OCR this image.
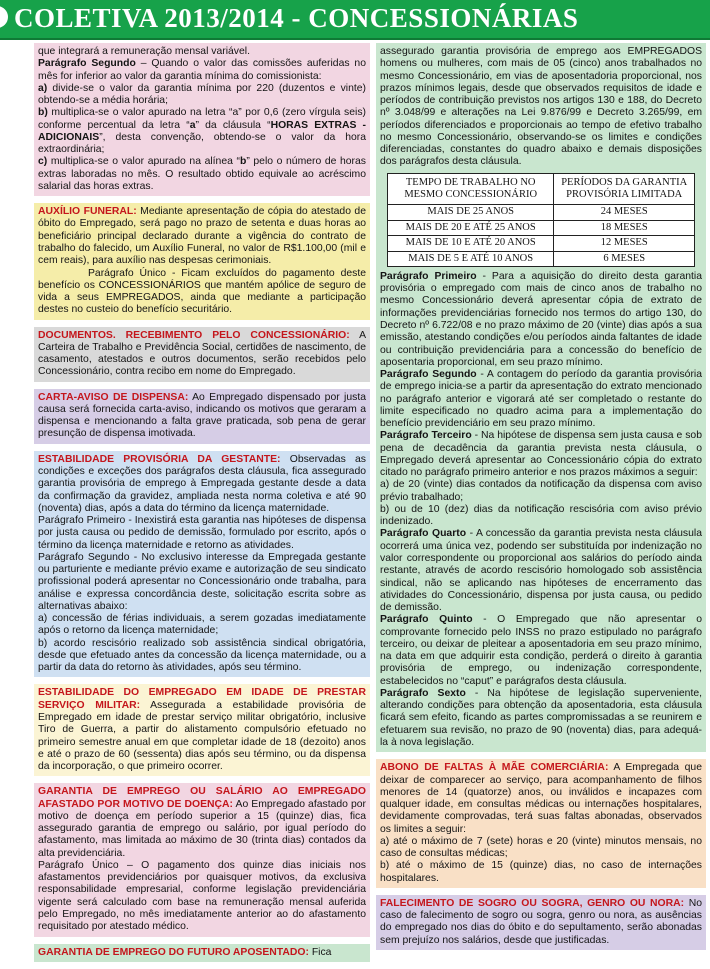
COLETIVA 2013/2014 - CONCESSIONÁRIAS

que integrará a remuneração mensal variável.

Parágrafo Segundo – Quando o valor das comissões auferidas no mês for inferior ao valor da garantia mínima do comissionista:

a) divide-se o valor da garantia mínima por 220 (duzentos e vinte) obtendo-se a média horária;

b) multiplica-se o valor apurado na letra “a” por 0,6 (zero vírgula seis) conforme percentual da letra “a” da cláusula “HORAS EXTRAS - ADICIONAIS”, desta convenção, obtendo-se o valor da hora extraordinária;

c) multiplica-se o valor apurado na alínea “b” pelo o número de horas extras laboradas no mês. O resultado obtido equivale ao acréscimo salarial das horas extras.

AUXÍLIO FUNERAL: Mediante apresentação de cópia do atestado de óbito do Empregado, será pago no prazo de setenta e duas horas ao beneficiário principal declarado durante a vigência do contrato de trabalho do falecido, um Auxílio Funeral, no valor de R$1.100,00 (mil e cem reais), para auxílio nas despesas cerimoniais.

Parágrafo Único - Ficam excluídos do pagamento deste benefício os CONCESSIONÁRIOS que mantém apólice de seguro de vida a seus EMPREGADOS, ainda que mediante a participação destes no custeio do benefício securitário.

DOCUMENTOS. RECEBIMENTO PELO CONCESSIONÁRIO: A Carteira de Trabalho e Previdência Social, certidões de nascimento, de casamento, atestados e outros documentos, serão recebidos pelo Concessionário, contra recibo em nome do Empregado.

CARTA-AVISO DE DISPENSA: Ao Empregado dispensado por justa causa será fornecida carta-aviso, indicando os motivos que geraram a dispensa e mencionando a falta grave praticada, sob pena de gerar presunção de dispensa imotivada.

ESTABILIDADE PROVISÓRIA DA GESTANTE: Observadas as condições e exceções dos parágrafos desta cláusula, fica assegurado garantia provisória de emprego à Empregada gestante desde a data da confirmação da gravidez, ampliada nesta norma coletiva e até 90 (noventa) dias, após a data do término da licença maternidade.

Parágrafo Primeiro - Inexistirá esta garantia nas hipóteses de dispensa por justa causa ou pedido de demissão, formulado por escrito, após o término da licença maternidade e retorno as atividades.

Parágrafo Segundo - No exclusivo interesse da Empregada gestante ou parturiente e mediante prévio exame e autorização de seu sindicato profissional poderá apresentar no Concessionário onde trabalha, para análise e expressa concordância deste, solicitação escrita sobre as alternativas abaixo:

a) concessão de férias individuais, a serem gozadas imediatamente após o retorno da licença maternidade;

b) acordo rescisório realizado sob assistência sindical obrigatória, desde que efetuado antes da concessão da licença maternidade, ou a partir da data do retorno às atividades, após seu término.

ESTABILIDADE DO EMPREGADO EM IDADE DE PRESTAR SERVIÇO MILITAR: Assegurada a estabilidade provisória de Empregado em idade de prestar serviço militar obrigatório, inclusive Tiro de Guerra, a partir do alistamento compulsório efetuado no primeiro semestre anual em que completar idade de 18 (dezoito) anos e até o prazo de 60 (sessenta) dias após seu término, ou da dispensa da incorporação, o que primeiro ocorrer.

GARANTIA DE EMPREGO OU SALÁRIO AO EMPREGADO AFASTADO POR MOTIVO DE DOENÇA: Ao Empregado afastado por motivo de doença em período superior a 15 (quinze) dias, fica assegurado garantia de emprego ou salário, por igual período do afastamento, mas limitada ao máximo de 30 (trinta dias) contados da alta previdenciária.

Parágrafo Único – O pagamento dos quinze dias iniciais nos afastamentos previdenciários por quaisquer motivos, da exclusiva responsabilidade empresarial, conforme legislação previdenciária vigente será calculado com base na remuneração mensal auferida pelo Empregado, no mês imediatamente anterior ao do afastamento requisitado por atestado médico.

GARANTIA DE EMPREGO DO FUTURO APOSENTADO: Fica

assegurado garantia provisória de emprego aos EMPREGADOS homens ou mulheres, com mais de 05 (cinco) anos trabalhados no mesmo Concessionário, em vias de aposentadoria proporcional, nos prazos mínimos legais, desde que observados requisitos de idade e períodos de contribuição previstos nos artigos 130 e 188, do Decreto nº 3.048/99 e alterações na Lei 9.876/99 e Decreto 3.265/99, em períodos diferenciados e proporcionais ao tempo de efetivo trabalho no mesmo Concessionário, observando-se os limites e condições diferenciadas, constantes do quadro abaixo e demais disposições dos parágrafos desta cláusula.

TEMPO DE TRABALHO NO MESMO CONCESSIONÁRIO	PERÍODOS DA GARANTIA PROVISÓRIA LIMITADA
MAIS DE 25 ANOS	24 MESES
MAIS DE 20 E ATÉ 25 ANOS	18 MESES
MAIS DE 10 E ATÉ 20 ANOS	12 MESES
MAIS DE 5 E ATÉ 10 ANOS	6 MESES

Parágrafo Primeiro - Para a aquisição do direito desta garantia provisória o empregado com mais de cinco anos de trabalho no mesmo Concessionário deverá apresentar cópia de extrato de informações previdenciárias fornecido nos termos do artigo 130, do Decreto nº 6.722/08 e no prazo máximo de 20 (vinte) dias após a sua emissão, atestando condições e/ou períodos ainda faltantes de idade ou contribuição previdenciária para a concessão do benefício de aposentaria proporcional, em seu prazo mínimo.

Parágrafo Segundo - A contagem do período da garantia provisória de emprego inicia-se a partir da apresentação do extrato mencionado no parágrafo anterior e vigorará até ser completado o restante do limite especificado no quadro acima para a implementação do benefício previdenciário em seu prazo mínimo.

Parágrafo Terceiro - Na hipótese de dispensa sem justa causa e sob pena de decadência da garantia prevista nesta cláusula, o Empregado deverá apresentar ao Concessionário cópia do extrato citado no parágrafo primeiro anterior e nos prazos máximos a seguir:

a) de 20 (vinte) dias contados da notificação da dispensa com aviso prévio trabalhado;

b) ou de 10 (dez) dias da notificação rescisória com aviso prévio indenizado.

Parágrafo Quarto - A concessão da garantia prevista nesta cláusula ocorrerá uma única vez, podendo ser substituída por indenização no valor correspondente ou proporcional aos salários do período ainda restante, através de acordo rescisório homologado sob assistência sindical, não se aplicando nas hipóteses de encerramento das atividades do Concessionário, dispensa por justa causa, ou pedido de demissão.

Parágrafo Quinto - O Empregado que não apresentar o comprovante fornecido pelo INSS no prazo estipulado no parágrafo terceiro, ou deixar de pleitear a aposentadoria em seu prazo mínimo, na data em que adquirir esta condição, perderá o direito à garantia provisória de emprego, ou indenização correspondente, estabelecidos no “caput” e parágrafos desta cláusula.

Parágrafo Sexto - Na hipótese de legislação superveniente, alterando condições para obtenção da aposentadoria, esta cláusula ficará sem efeito, ficando as partes compromissadas a se reunirem e efetuarem sua revisão, no prazo de 90 (noventa) dias, para adequá-la à nova legislação.

ABONO DE FALTAS À MÃE COMERCIÁRIA: A Empregada que deixar de comparecer ao serviço, para acompanhamento de filhos menores de 14 (quatorze) anos, ou inválidos e incapazes com qualquer idade, em consultas médicas ou internações hospitalares, devidamente comprovadas, terá suas faltas abonadas, observados os limites a seguir:

a) até o máximo de 7 (sete) horas e 20 (vinte) minutos mensais, no caso de consultas médicas;

b) até o máximo de 15 (quinze) dias, no caso de internações hospitalares.

FALECIMENTO DE SOGRO OU SOGRA, GENRO OU NORA: No caso de falecimento de sogro ou sogra, genro ou nora, as ausências do empregado nos dias do óbito e do sepultamento, serão abonadas sem prejuízo nos salários, desde que justificadas.
